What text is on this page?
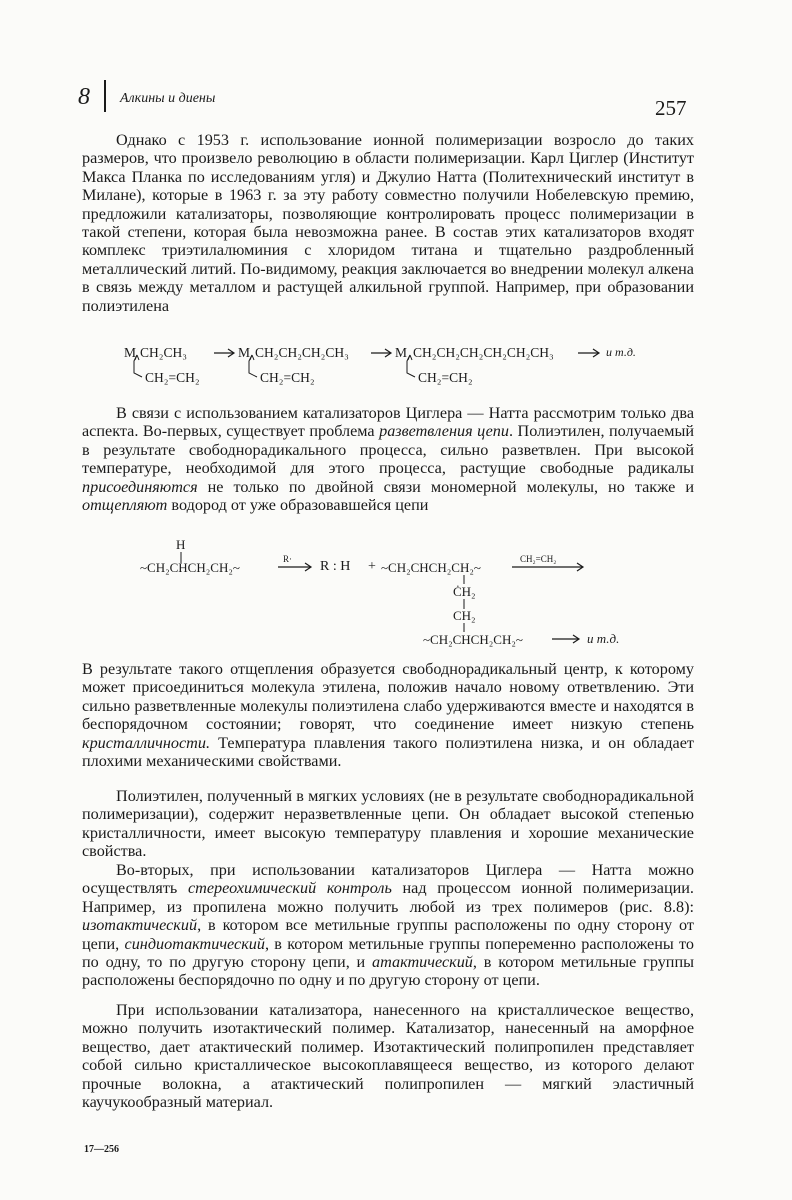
8 Алкины и диены	257

Однако с 1953 г. использование ионной полимеризации возросло до таких размеров, что произвело революцию в области полимеризации. Карл Циглер (Институт Макса Планка по исследованиям угля) и Джулио Натта (Политехнический институт в Милане), которые в 1963 г. за эту работу совместно получили Нобелевскую премию, предложили катализаторы, позволяющие контролировать процесс полимеризации в такой степени, которая была невозможна ранее. В состав этих катализаторов входят комплекс триэтилалюминия с хлоридом титана и тщательно раздробленный металлический литий. По-видимому, реакция заключается во внедрении молекул алкена в связь между металлом и растущей алкильной группой. Например, при образовании полиэтилена

M CH₂CH₃
CH₂=CH₂
M CH₂CH₂CH₂CH₃
CH₂=CH₂
M CH₂CH₂CH₂CH₂CH₂CH₃
CH₂=CH₂
и т.д.

В связи с использованием катализаторов Циглера — Натта рассмотрим только два аспекта. Во-первых, существует проблема разветвления цепи. Полиэтилен, получаемый в результате свободнорадикального процесса, сильно разветвлен. При высокой температуре, необходимой для этого процесса, растущие свободные радикалы присоединяются не только по двойной связи мономерной молекулы, но также и отщепляют водород от уже образовавшейся цепи

H
~CH₂CHCH₂CH₂~
R· R : H + ~CH₂CHCH₂CH₂~
CH₂=CH₂
ĊH₂
CH₂
~CH₂CHCH₂CH₂~	и т.д.

В результате такого отщепления образуется свободнорадикальный центр, к которому может присоединиться молекула этилена, положив начало новому ответвлению. Эти сильно разветвленные молекулы полиэтилена слабо удерживаются вместе и находятся в беспорядочном состоянии; говорят, что соединение имеет низкую степень кристалличности. Температура плавления такого полиэтилена низка, и он обладает плохими механическими свойствами.

Полиэтилен, полученный в мягких условиях (не в результате свободнорадикальной полимеризации), содержит неразветвленные цепи. Он обладает высокой степенью кристалличности, имеет высокую температуру плавления и хорошие механические свойства.

Во-вторых, при использовании катализаторов Циглера — Натта можно осуществлять стереохимический контроль над процессом ионной полимеризации. Например, из пропилена можно получить любой из трех полимеров (рис. 8.8): изотактический, в котором все метильные группы расположены по одну сторону от цепи, синдиотактический, в котором метильные группы попеременно расположены то по одну, то по другую сторону цепи, и атактический, в котором метильные группы расположены беспорядочно по одну и по другую сторону от цепи.

При использовании катализатора, нанесенного на кристаллическое вещество, можно получить изотактический полимер. Катализатор, нанесенный на аморфное вещество, дает атактический полимер. Изотактический полипропилен представляет собой сильно кристаллическое высокоплавящееся вещество, из которого делают прочные волокна, а атактический полипропилен — мягкий эластичный каучукообразный материал.

17—256
